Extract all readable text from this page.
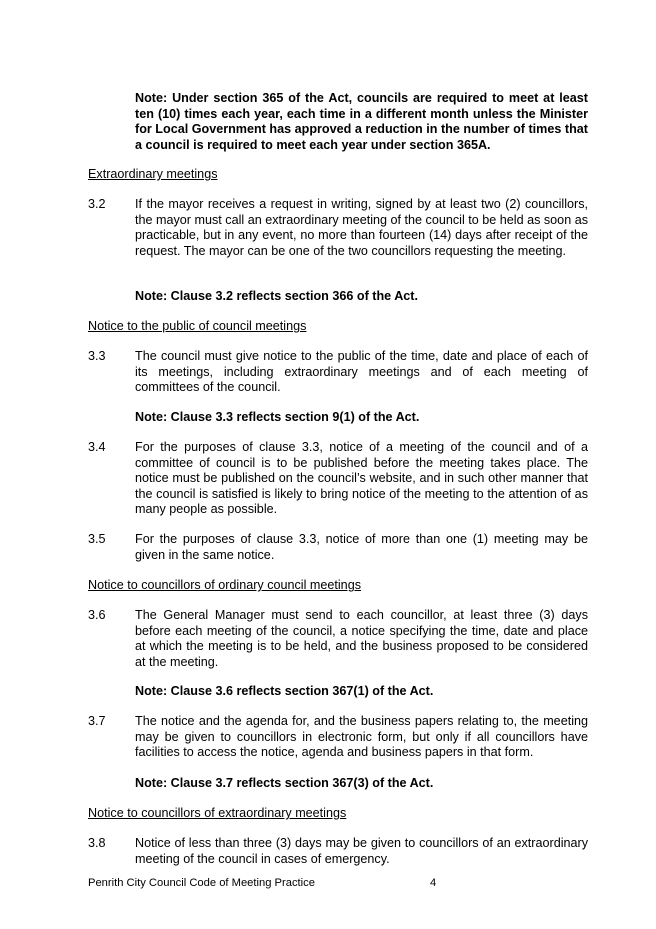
Note: Under section 365 of the Act, councils are required to meet at least ten (10) times each year, each time in a different month unless the Minister for Local Government has approved a reduction in the number of times that a council is required to meet each year under section 365A.
Extraordinary meetings
3.2	If the mayor receives a request in writing, signed by at least two (2) councillors, the mayor must call an extraordinary meeting of the council to be held as soon as practicable, but in any event, no more than fourteen (14) days after receipt of the request. The mayor can be one of the two councillors requesting the meeting.
Note: Clause 3.2 reflects section 366 of the Act.
Notice to the public of council meetings
3.3	The council must give notice to the public of the time, date and place of each of its meetings, including extraordinary meetings and of each meeting of committees of the council.
Note: Clause 3.3 reflects section 9(1) of the Act.
3.4	For the purposes of clause 3.3, notice of a meeting of the council and of a committee of council is to be published before the meeting takes place. The notice must be published on the council’s website, and in such other manner that the council is satisfied is likely to bring notice of the meeting to the attention of as many people as possible.
3.5	For the purposes of clause 3.3, notice of more than one (1) meeting may be given in the same notice.
Notice to councillors of ordinary council meetings
3.6	The General Manager must send to each councillor, at least three (3) days before each meeting of the council, a notice specifying the time, date and place at which the meeting is to be held, and the business proposed to be considered at the meeting.
Note: Clause 3.6 reflects section 367(1) of the Act.
3.7	The notice and the agenda for, and the business papers relating to, the meeting may be given to councillors in electronic form, but only if all councillors have facilities to access the notice, agenda and business papers in that form.
Note: Clause 3.7 reflects section 367(3) of the Act.
Notice to councillors of extraordinary meetings
3.8	Notice of less than three (3) days may be given to councillors of an extraordinary meeting of the council in cases of emergency.
Penrith City Council Code of Meeting Practice	4
